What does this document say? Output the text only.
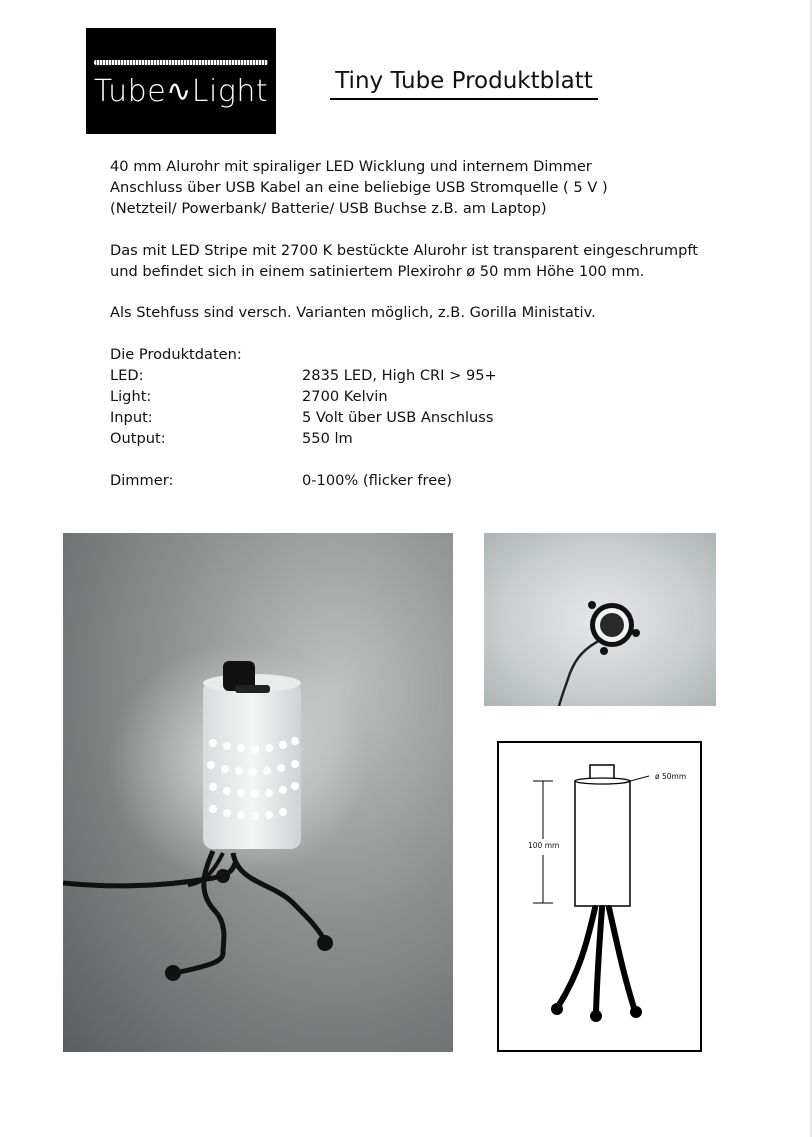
Tube∿Light	Tiny Tube Produktblatt
40 mm Alurohr mit spiraliger LED Wicklung und internem Dimmer
Anschluss über USB Kabel an eine beliebige USB Stromquelle ( 5 V )
(Netzteil/ Powerbank/ Batterie/ USB Buchse z.B. am Laptop)
Das mit LED Stripe mit 2700 K bestückte Alurohr ist transparent eingeschrumpft
und befindet sich in einem satiniertem Plexirohr ø 50 mm Höhe 100 mm.
Als Stehfuss sind versch. Varianten möglich, z.B. Gorilla Ministativ.
Die Produktdaten:
LED:	2835 LED, High CRI > 95+
Light:	2700 Kelvin
Input:	5 Volt über USB Anschluss
Output:	550 lm
Dimmer:	0-100% (flicker free)
ø 50mm
100 mm
